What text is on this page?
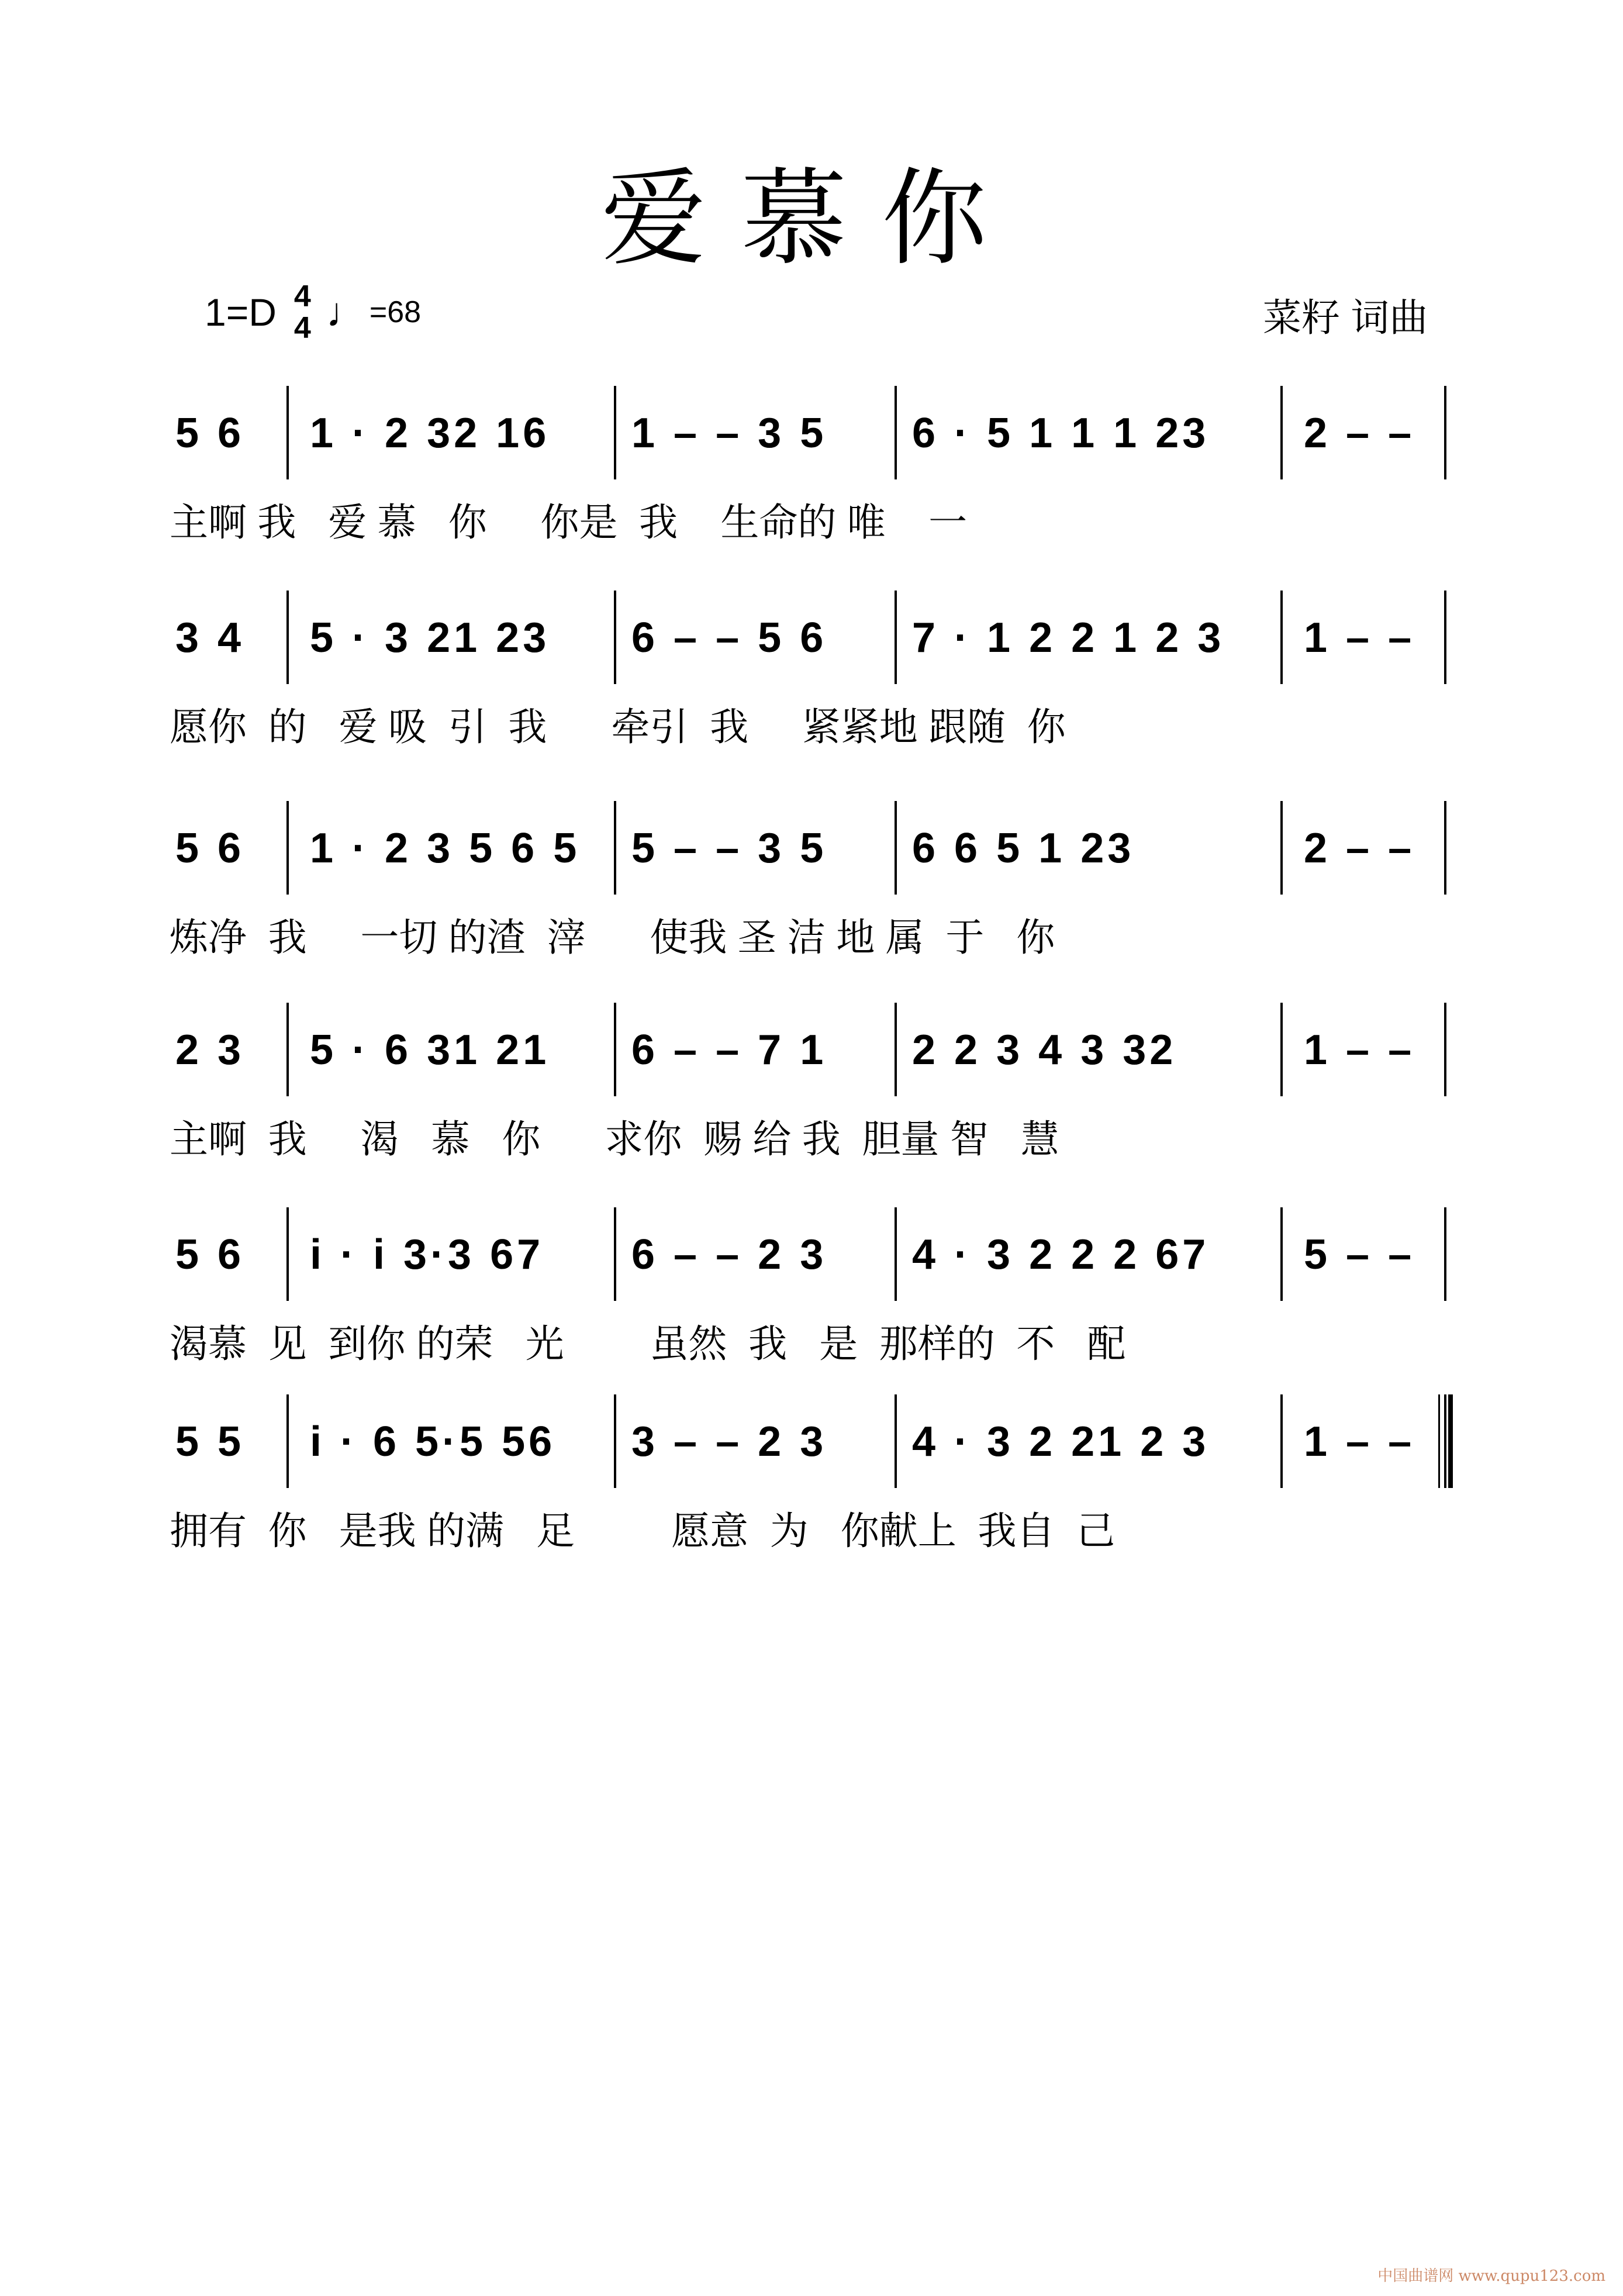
爱慕你
1=D 4
4 ♩ =68	菜籽 词曲
5 6 1 · 2 32 16 1 – – 3 5 6 · 5 1 1 1 23 2 – –
主啊 我   爱 慕   你     你是  我    生命的 唯    一
3 4 5 · 3 21 23 6 – – 5 6 7 · 1 2 2 1 2 3 1 – –
愿你  的   爱 吸  引  我      牵引  我     紧紧地 跟随  你
5 6 1 · 2 3 5 6 5 5 – – 3 5 6 6 5 1 23	2 – –
炼净  我     一切 的渣  滓      使我 圣 洁 地 属  于   你
2 3 5 · 6 31 21 6 – – 7 1 2 2 3 4 3 32	1 – –
主啊  我     渴   慕   你      求你  赐 给 我  胆量 智   慧
5 6 i · i 3·3 67 6 – – 2 3 4 · 3 2 2 2 67 5 – –
渴慕  见  到你 的荣   光        虽然  我   是  那样的  不   配
5 5 i · 6 5·5 56 3 – – 2 3 4 · 3 2 21 2 3 1 – –
拥有  你   是我 的满   足         愿意  为   你献上  我自  己
中国曲谱网 www.qupu123.com
